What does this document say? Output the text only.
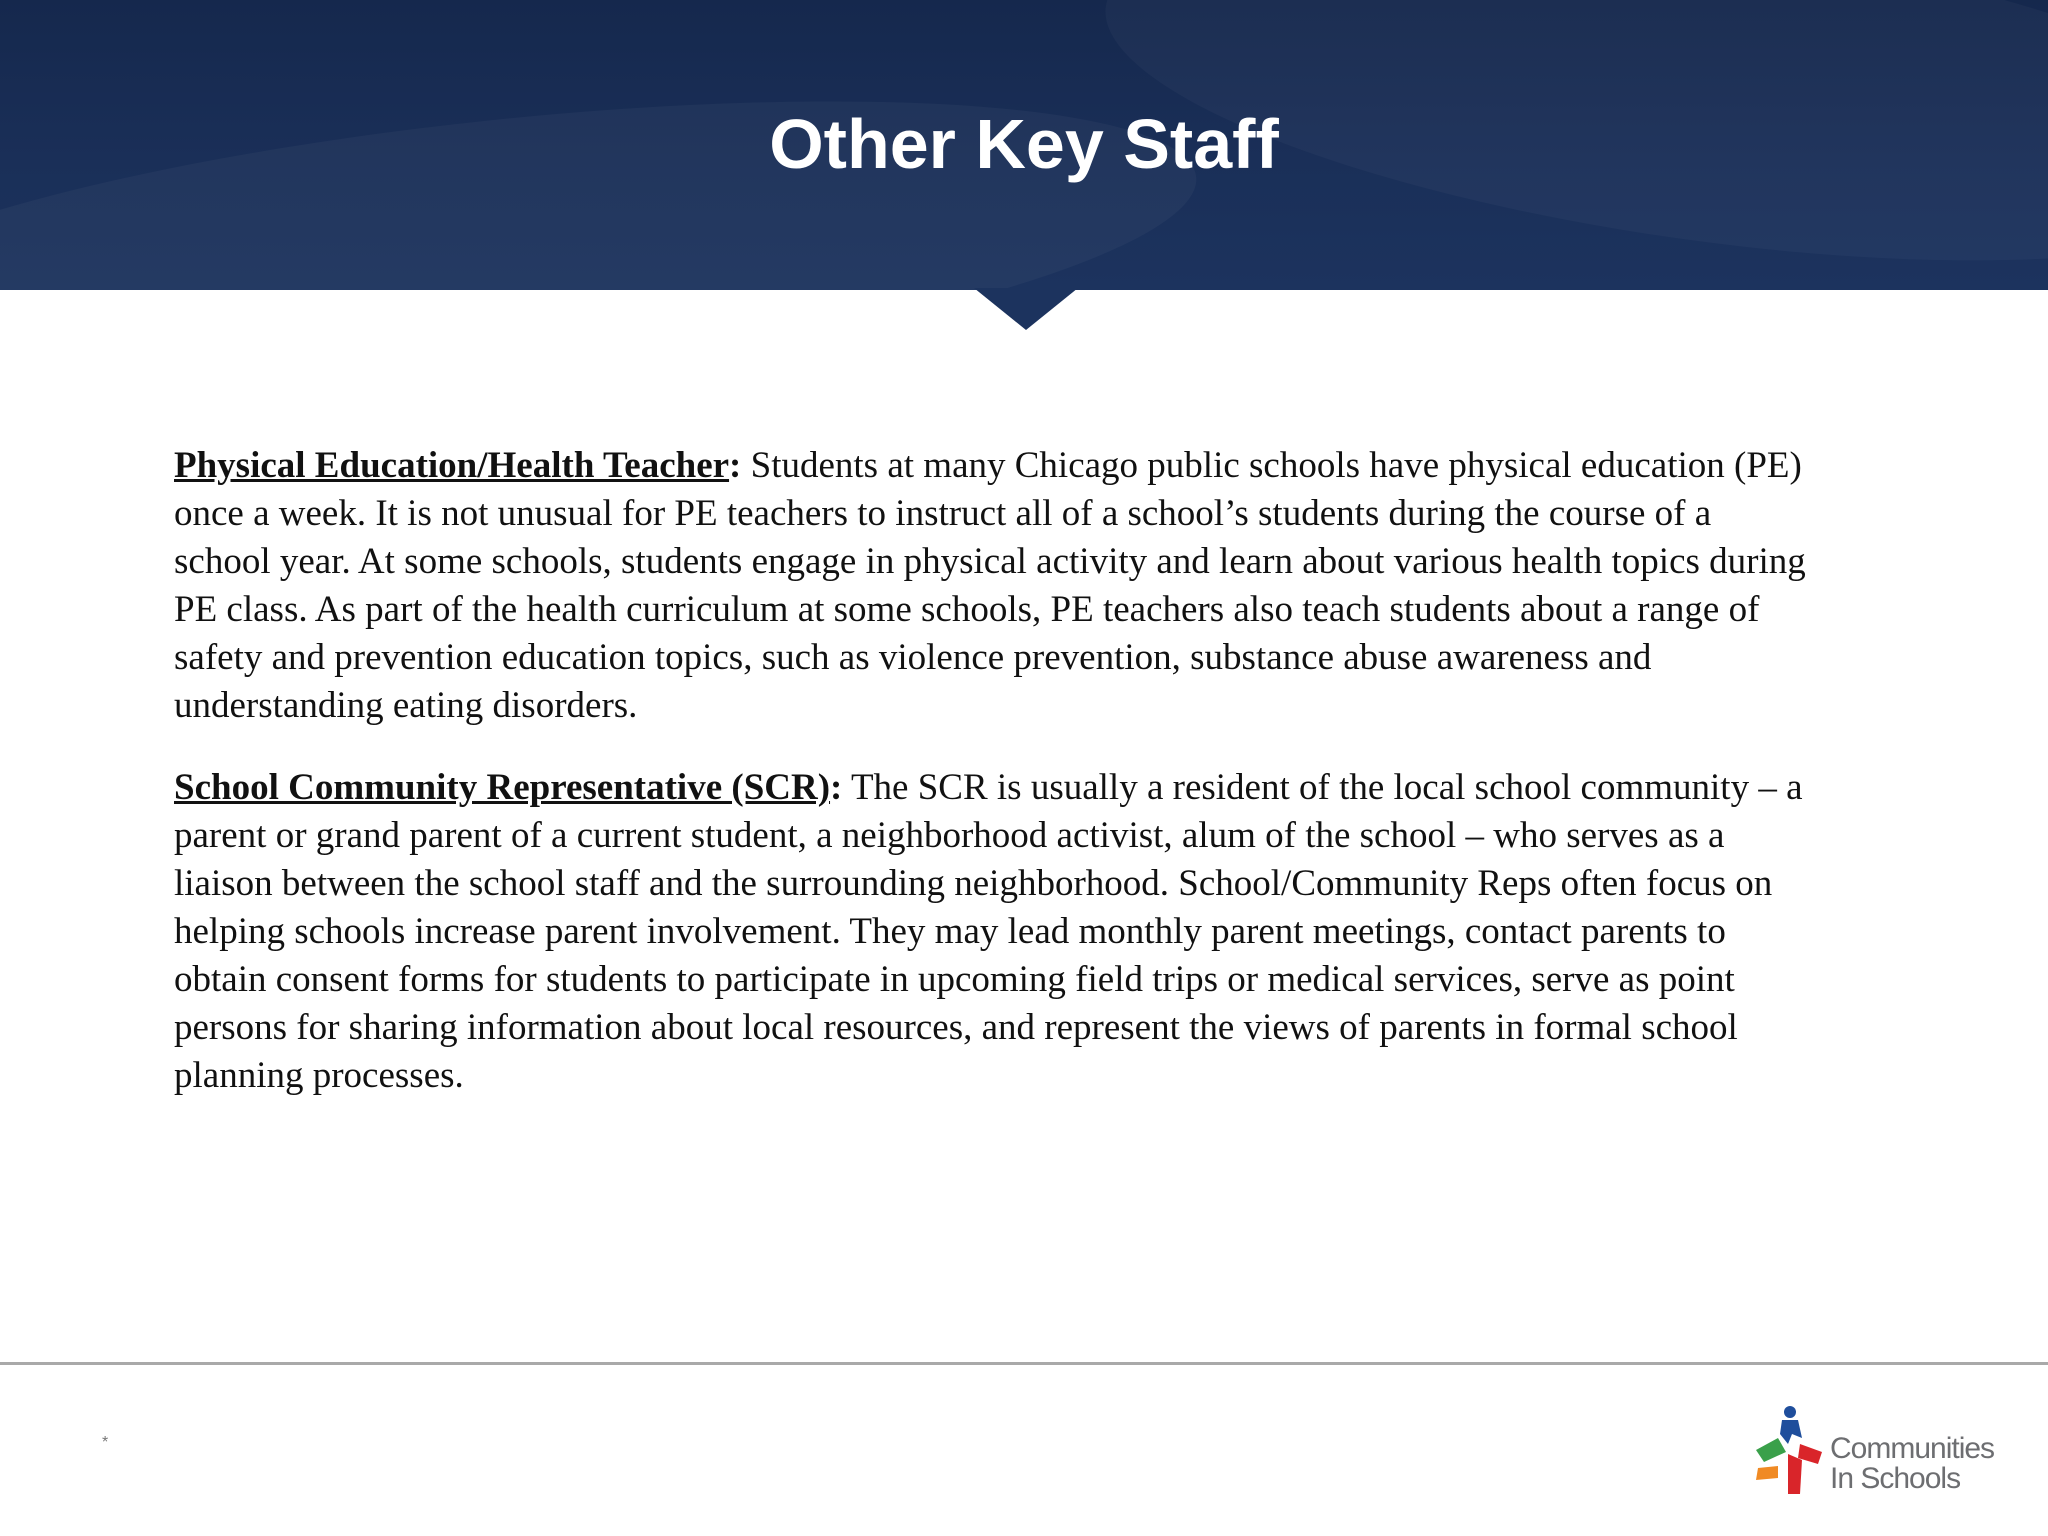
Other Key Staff

Physical Education/Health Teacher: Students at many Chicago public schools have physical education (PE) once a week. It is not unusual for PE teachers to instruct all of a school’s students during the course of a school year. At some schools, students engage in physical activity and learn about various health topics during PE class. As part of the health curriculum at some schools, PE teachers also teach students about a range of safety and prevention education topics, such as violence prevention, substance abuse awareness and understanding eating disorders.

School Community Representative (SCR): The SCR is usually a resident of the local school community – a parent or grand parent of a current student, a neighborhood activist, alum of the school – who serves as a liaison between the school staff and the surrounding neighborhood. School/Community Reps often focus on helping schools increase parent involvement. They may lead monthly parent meetings, contact parents to obtain consent forms for students to participate in upcoming field trips or medical services, serve as point persons for sharing information about local resources, and represent the views of parents in formal school planning processes.

*	Communities
In Schools
